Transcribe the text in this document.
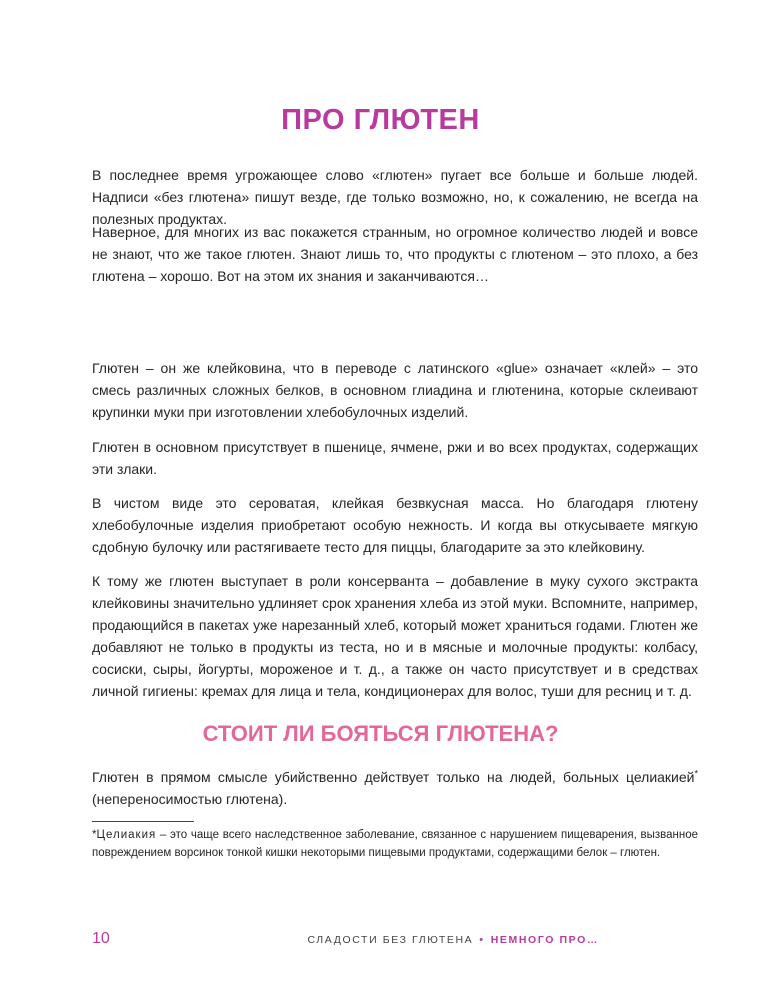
ПРО ГЛЮТЕН

В последнее время угрожающее слово «глютен» пугает все больше и больше людей. Надписи «без глютена» пишут везде, где только возможно, но, к сожалению, не всегда на полезных продуктах.

Наверное, для многих из вас покажется странным, но огромное количество людей и вовсе не знают, что же такое глютен. Знают лишь то, что продукты с глютеном – это плохо, а без глютена – хорошо. Вот на этом их знания и заканчиваются…

Глютен – он же клейковина, что в переводе с латинского «glue» означает «клей» – это смесь различных сложных белков, в основном глиадина и глютенина, которые склеивают крупинки муки при изготовлении хлебобулочных изделий.

Глютен в основном присутствует в пшенице, ячмене, ржи и во всех продуктах, содержащих эти злаки.

В чистом виде это сероватая, клейкая безвкусная масса. Но благодаря глютену хлебобулочные изделия приобретают особую нежность. И когда вы откусываете мягкую сдобную булочку или растягиваете тесто для пиццы, благодарите за это клейковину.

К тому же глютен выступает в роли консерванта – добавление в муку сухого экстракта клейковины значительно удлиняет срок хранения хлеба из этой муки. Вспомните, например, продающийся в пакетах уже нарезанный хлеб, который может храниться годами. Глютен же добавляют не только в продукты из теста, но и в мясные и молочные продукты: колбасу, сосиски, сыры, йогурты, мороженое и т. д., а также он часто присутствует и в средствах личной гигиены: кремах для лица и тела, кондиционерах для волос, туши для ресниц и т. д.

СТОИТ ЛИ БОЯТЬСЯ ГЛЮТЕНА?

Глютен в прямом смысле убийственно действует только на людей, больных целиакией* (непереносимостью глютена).

*Целиакия – это чаще всего наследственное заболевание, связанное с нарушением пищеварения, вызванное повреждением ворсинок тонкой кишки некоторыми пищевыми продуктами, содержащими белок – глютен.

10	СЛАДОСТИ БЕЗ ГЛЮТЕНА • НЕМНОГО ПРО…
